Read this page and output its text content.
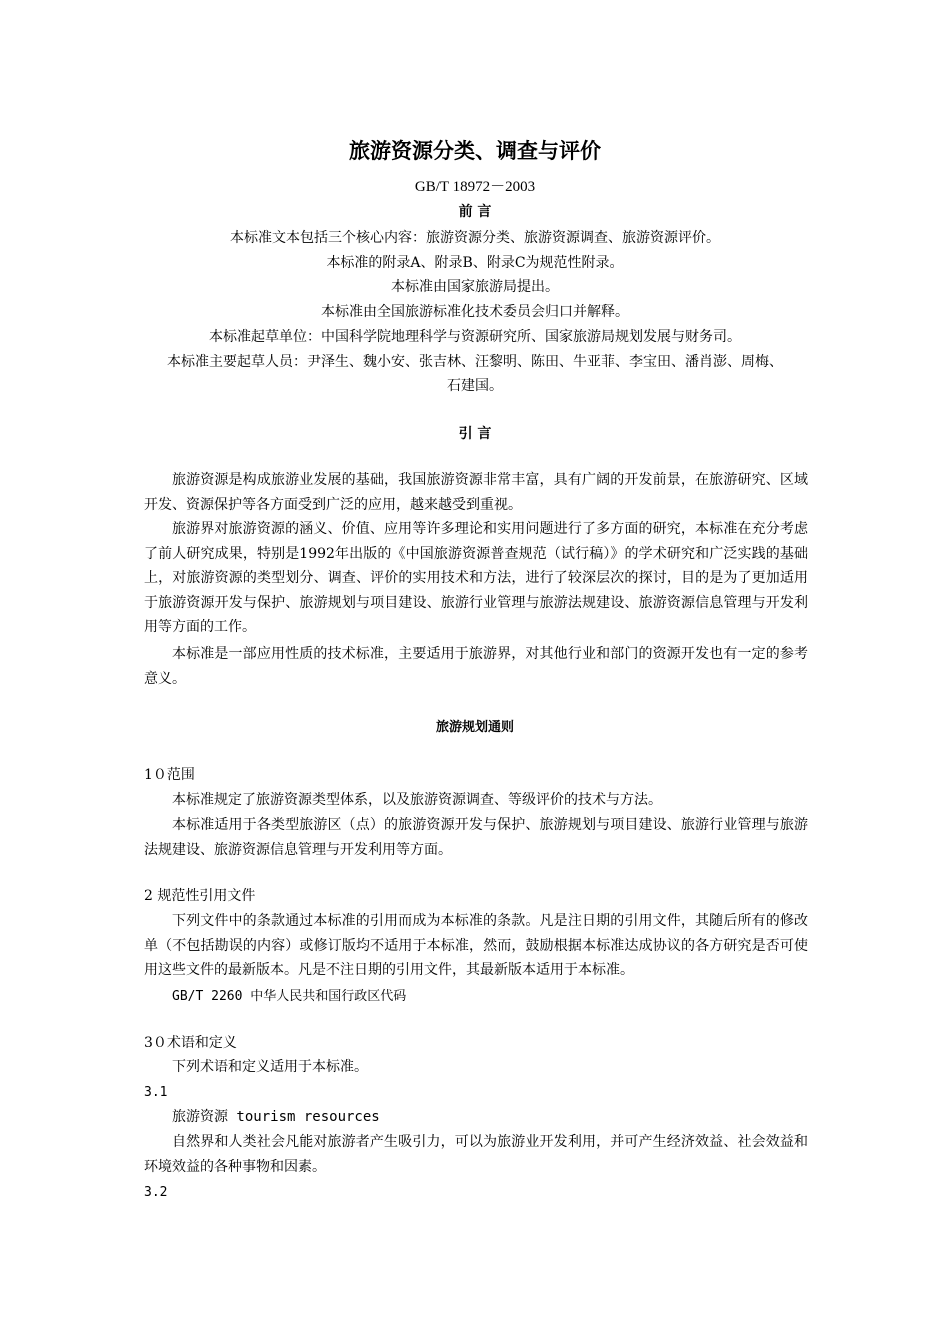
旅游资源分类、调查与评价
GB/T 18972－2003
前 言
本标准文本包括三个核心内容：旅游资源分类、旅游资源调查、旅游资源评价。
本标准的附录A、附录B、附录C为规范性附录。
本标准由国家旅游局提出。
本标准由全国旅游标准化技术委员会归口并解释。
本标准起草单位：中国科学院地理科学与资源研究所、国家旅游局规划发展与财务司。
本标准主要起草人员：尹泽生、魏小安、张吉林、汪黎明、陈田、牛亚菲、李宝田、潘肖澎、周梅、
石建国。
引 言
旅游资源是构成旅游业发展的基础，我国旅游资源非常丰富，具有广阔的开发前景，在旅游研究、区域开发、资源保护等各方面受到广泛的应用，越来越受到重视。
旅游界对旅游资源的涵义、价值、应用等许多理论和实用问题进行了多方面的研究，本标准在充分考虑了前人研究成果，特别是1992年出版的《中国旅游资源普查规范（试行稿）》的学术研究和广泛实践的基础上，对旅游资源的类型划分、调查、评价的实用技术和方法，进行了较深层次的探讨，目的是为了更加适用于旅游资源开发与保护、旅游规划与项目建设、旅游行业管理与旅游法规建设、旅游资源信息管理与开发利用等方面的工作。
本标准是一部应用性质的技术标准，主要适用于旅游界，对其他行业和部门的资源开发也有一定的参考意义。
旅游规划通则
1０范围
本标准规定了旅游资源类型体系，以及旅游资源调查、等级评价的技术与方法。
本标准适用于各类型旅游区（点）的旅游资源开发与保护、旅游规划与项目建设、旅游行业管理与旅游法规建设、旅游资源信息管理与开发利用等方面。
2 规范性引用文件
下列文件中的条款通过本标准的引用而成为本标准的条款。凡是注日期的引用文件，其随后所有的修改单（不包括勘误的内容）或修订版均不适用于本标准，然而，鼓励根据本标准达成协议的各方研究是否可使用这些文件的最新版本。凡是不注日期的引用文件，其最新版本适用于本标准。
GB/T 2260 中华人民共和国行政区代码
3０术语和定义
下列术语和定义适用于本标准。
3.1
旅游资源 tourism resources
自然界和人类社会凡能对旅游者产生吸引力，可以为旅游业开发利用，并可产生经济效益、社会效益和环境效益的各种事物和因素。
3.2
